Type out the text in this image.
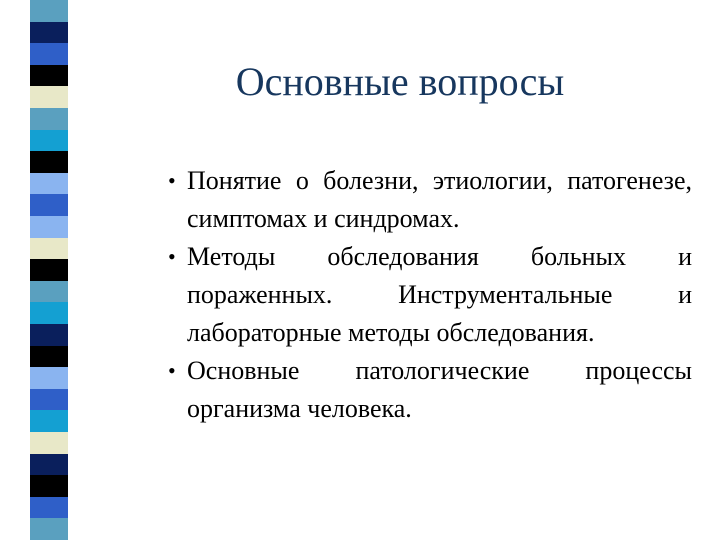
Основные вопросы
• Понятие о болезни, этиологии, патогенезе, симптомах и синдромах.
• Методы обследования больных и пораженных. Инструментальные и лабораторные методы обследования.
• Основные патологические процессы организма человека.
